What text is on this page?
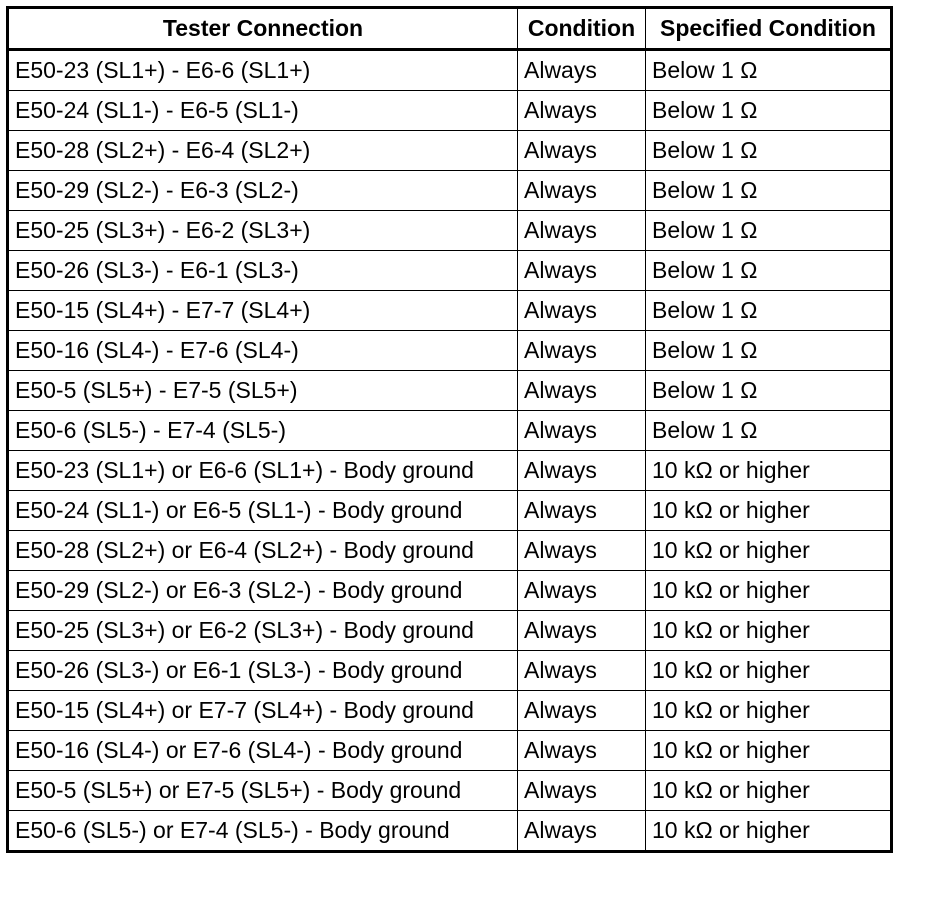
Tester Connection	Condition	Specified Condition
E50-23 (SL1+) - E6-6 (SL1+)	Always	Below 1 Ω
E50-24 (SL1-) - E6-5 (SL1-)	Always	Below 1 Ω
E50-28 (SL2+) - E6-4 (SL2+)	Always	Below 1 Ω
E50-29 (SL2-) - E6-3 (SL2-)	Always	Below 1 Ω
E50-25 (SL3+) - E6-2 (SL3+)	Always	Below 1 Ω
E50-26 (SL3-) - E6-1 (SL3-)	Always	Below 1 Ω
E50-15 (SL4+) - E7-7 (SL4+)	Always	Below 1 Ω
E50-16 (SL4-) - E7-6 (SL4-)	Always	Below 1 Ω
E50-5 (SL5+) - E7-5 (SL5+)	Always	Below 1 Ω
E50-6 (SL5-) - E7-4 (SL5-)	Always	Below 1 Ω
E50-23 (SL1+) or E6-6 (SL1+) - Body ground	Always	10 kΩ or higher
E50-24 (SL1-) or E6-5 (SL1-) - Body ground	Always	10 kΩ or higher
E50-28 (SL2+) or E6-4 (SL2+) - Body ground	Always	10 kΩ or higher
E50-29 (SL2-) or E6-3 (SL2-) - Body ground	Always	10 kΩ or higher
E50-25 (SL3+) or E6-2 (SL3+) - Body ground	Always	10 kΩ or higher
E50-26 (SL3-) or E6-1 (SL3-) - Body ground	Always	10 kΩ or higher
E50-15 (SL4+) or E7-7 (SL4+) - Body ground	Always	10 kΩ or higher
E50-16 (SL4-) or E7-6 (SL4-) - Body ground	Always	10 kΩ or higher
E50-5 (SL5+) or E7-5 (SL5+) - Body ground	Always	10 kΩ or higher
E50-6 (SL5-) or E7-4 (SL5-) - Body ground	Always	10 kΩ or higher
